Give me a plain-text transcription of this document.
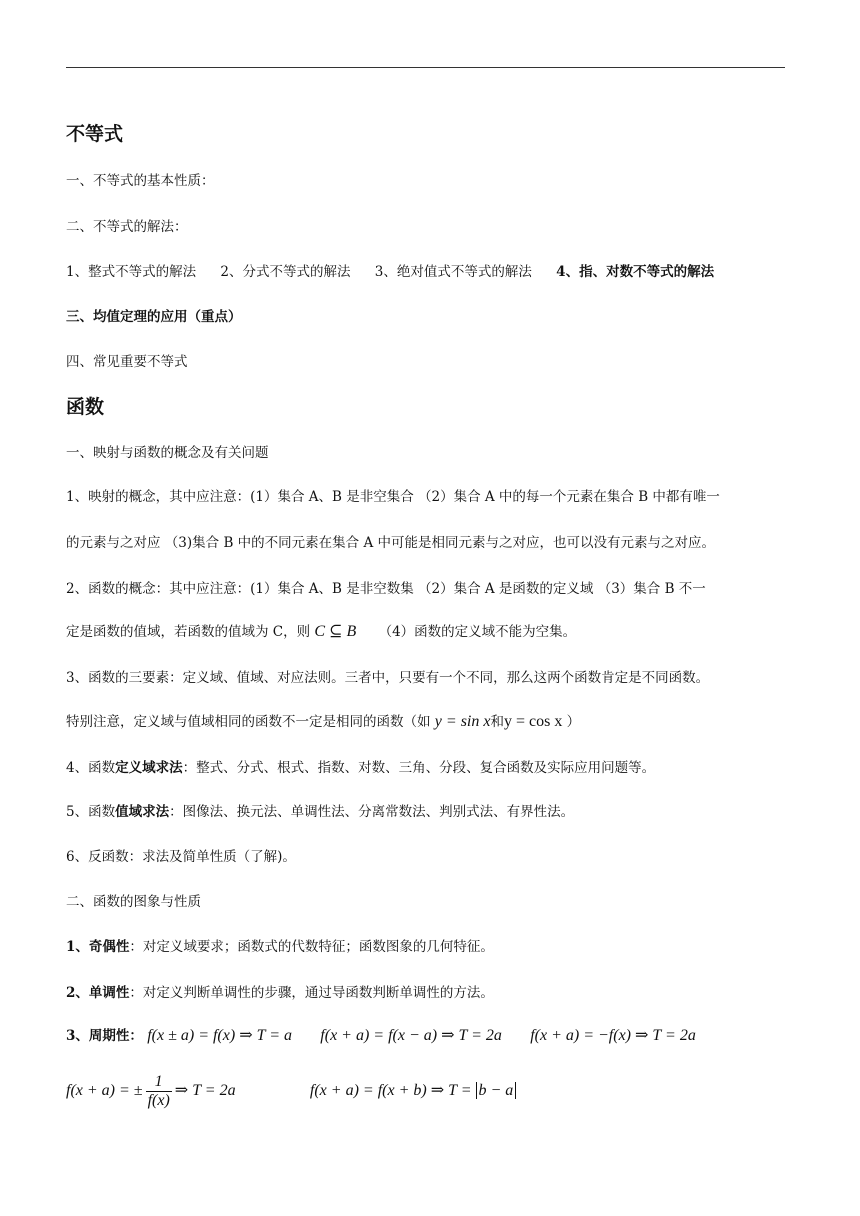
不等式
一、不等式的基本性质：
二、不等式的解法：
1、整式不等式的解法 2、分式不等式的解法 3、绝对值式不等式的解法 4、指、对数不等式的解法
三、均值定理的应用（重点）
四、常见重要不等式
函数
一、映射与函数的概念及有关问题
1、映射的概念，其中应注意：(1）集合 A、B 是非空集合 （2）集合 A 中的每一个元素在集合 B 中都有唯一
的元素与之对应 （3)集合 B 中的不同元素在集合 A 中可能是相同元素与之对应，也可以没有元素与之对应。
2、函数的概念：其中应注意：(1）集合 A、B 是非空数集 （2）集合 A 是函数的定义域 （3）集合 B 不一
定是函数的值域，若函数的值域为 C，则 C ⊆ B （4）函数的定义域不能为空集。
3、函数的三要素：定义域、值域、对应法则。三者中，只要有一个不同，那么这两个函数肯定是不同函数。
特别注意，定义域与值域相同的函数不一定是相同的函数（如 y = sin x和y = cos x ）
4、函数定义域求法：整式、分式、根式、指数、对数、三角、分段、复合函数及实际应用问题等。
5、函数值域求法：图像法、换元法、单调性法、分离常数法、判别式法、有界性法。
6、反函数：求法及简单性质（了解)。
二、函数的图象与性质
1、奇偶性：对定义域要求；函数式的代数特征；函数图象的几何特征。
2、单调性：对定义判断单调性的步骤，通过导函数判断单调性的方法。
3、周期性： f(x ± a) = f(x) ⇒ T = a f(x + a) = f(x − a) ⇒ T = 2a f(x + a) = −f(x) ⇒ T = 2a
f(x + a) = ± $\frac{1}{f(x)}$ ⇒ T = 2a	f(x + a) = f(x + b) ⇒ T = b − a
